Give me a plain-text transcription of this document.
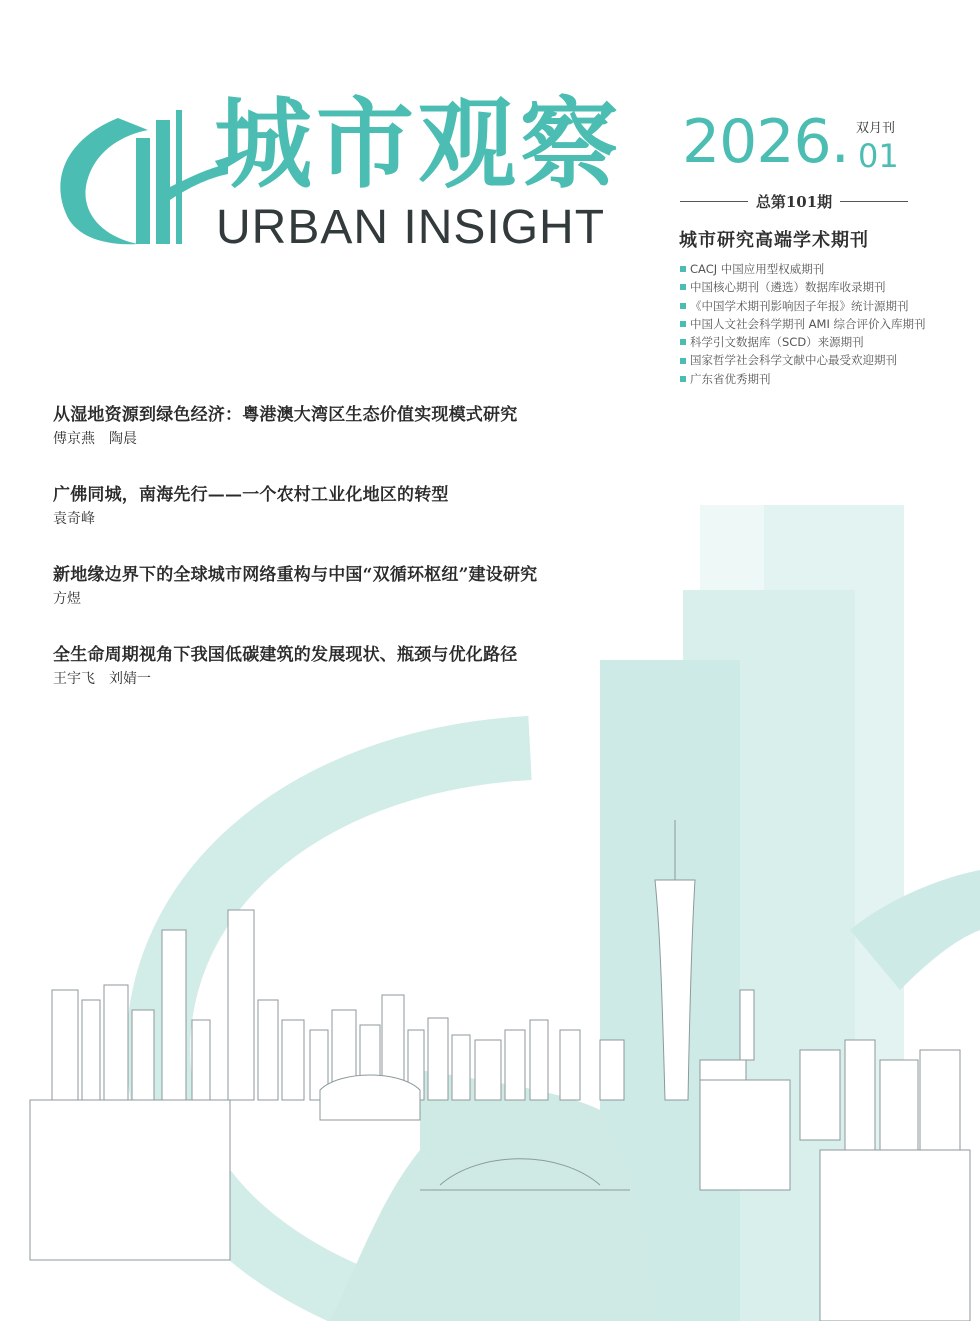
城市观察
URBAN INSIGHT
2026. 双月刊
01
总第101期
城市研究高端学术期刊
CACJ 中国应用型权威期刊
中国核心期刊（遴选）数据库收录期刊
《中国学术期刊影响因子年报》统计源期刊
中国人文社会科学期刊 AMI 综合评价入库期刊
科学引文数据库（SCD）来源期刊
国家哲学社会科学文献中心最受欢迎期刊
广东省优秀期刊
从湿地资源到绿色经济：粤港澳大湾区生态价值实现模式研究
傅京燕 陶晨
广佛同城，南海先行——一个农村工业化地区的转型
袁奇峰
新地缘边界下的全球城市网络重构与中国“双循环枢纽”建设研究
方煜
全生命周期视角下我国低碳建筑的发展现状、瓶颈与优化路径
王宇飞 刘婧一
